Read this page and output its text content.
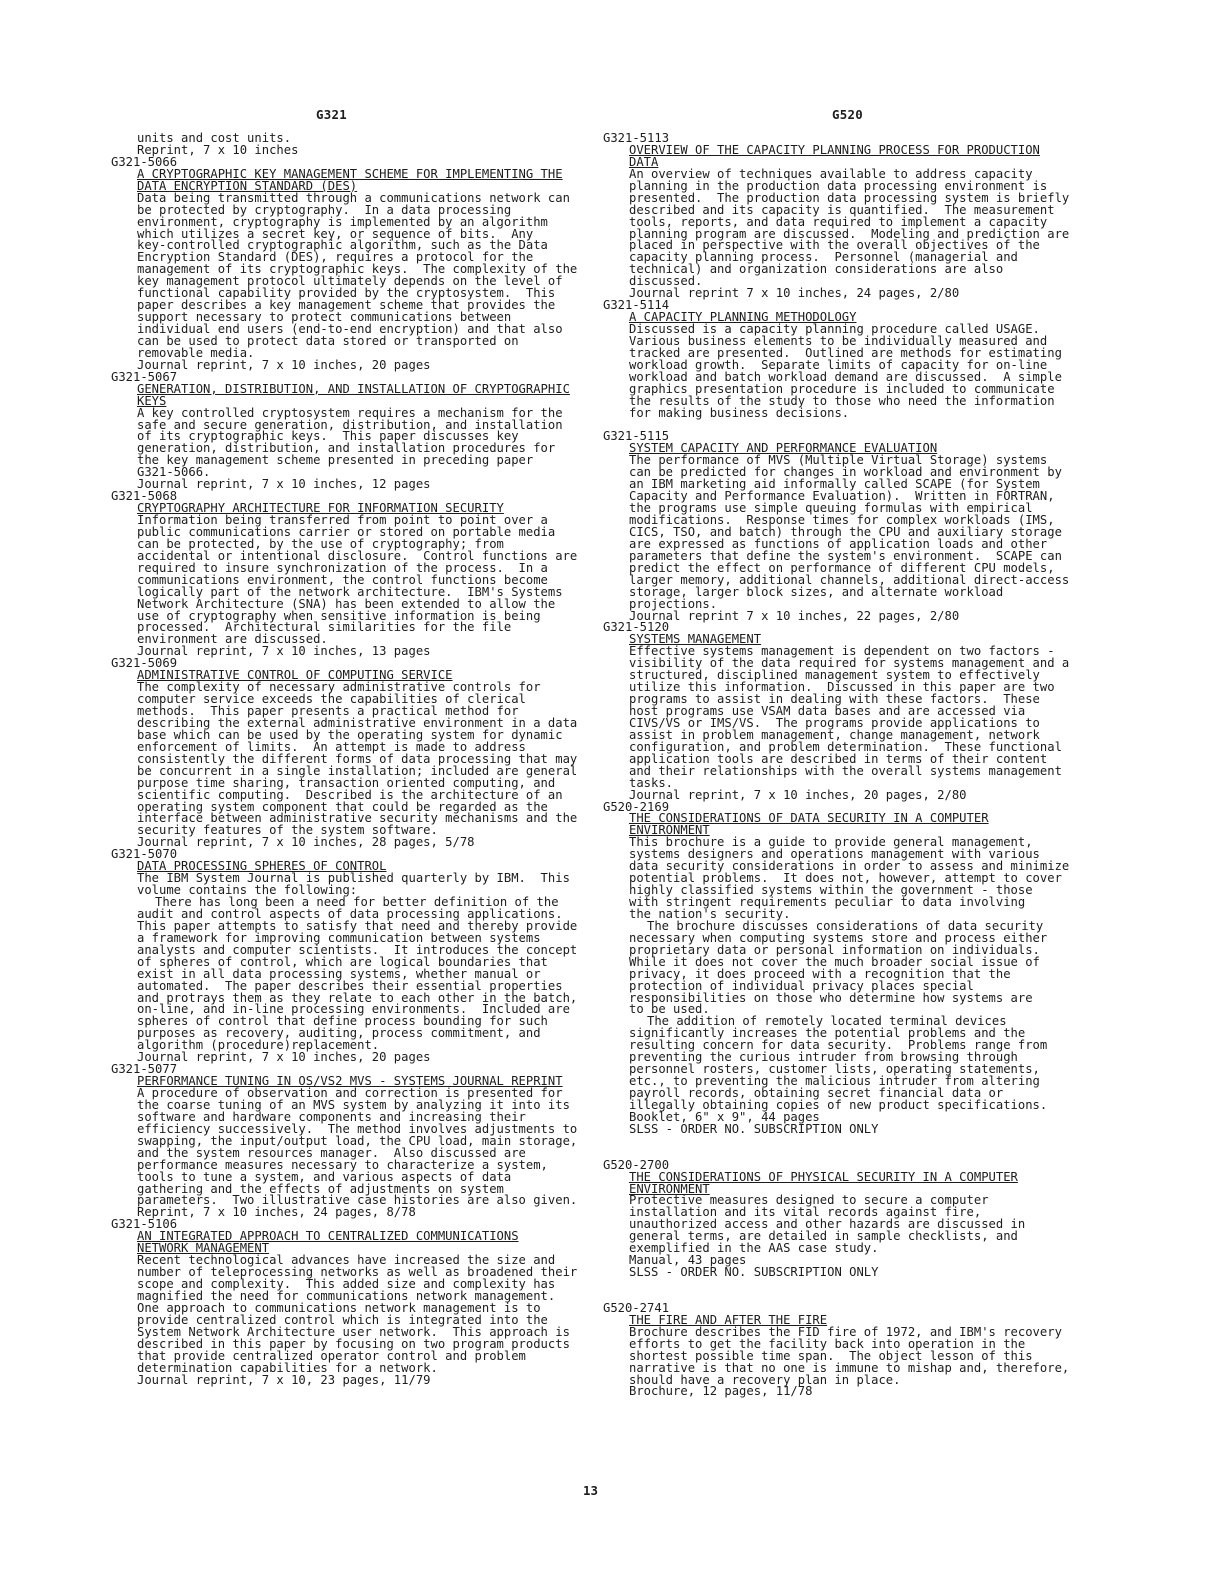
G321	G520
units and cost units.
Reprint, 7 x 10 inches
G321-5066
A CRYPTOGRAPHIC KEY MANAGEMENT SCHEME FOR IMPLEMENTING THE
DATA ENCRYPTION STANDARD (DES)
Data being transmitted through a communications network can
be protected by cryptography.  In a data processing
environment, cryptography is implemented by an algorithm
which utilizes a secret key, or sequence of bits.  Any
key-controlled cryptographic algorithm, such as the Data
Encryption Standard (DES), requires a protocol for the
management of its cryptographic keys.  The complexity of the
key management protocol ultimately depends on the level of
functional capability provided by the cryptosystem.  This
paper describes a key management scheme that provides the
support necessary to protect communications between
individual end users (end-to-end encryption) and that also
can be used to protect data stored or transported on
removable media.
Journal reprint, 7 x 10 inches, 20 pages
G321-5067
GENERATION, DISTRIBUTION, AND INSTALLATION OF CRYPTOGRAPHIC
KEYS
A key controlled cryptosystem requires a mechanism for the
safe and secure generation, distribution, and installation
of its cryptographic keys.  This paper discusses key
generation, distribution, and installation procedures for
the key management scheme presented in preceding paper
G321-5066.
Journal reprint, 7 x 10 inches, 12 pages
G321-5068
CRYPTOGRAPHY ARCHITECTURE FOR INFORMATION SECURITY
Information being transferred from point to point over a
public communications carrier or stored on portable media
can be protected, by the use of cryptography; from
accidental or intentional disclosure.  Control functions are
required to insure synchronization of the process.  In a
communications environment, the control functions become
logically part of the network architecture.  IBM's Systems
Network Architecture (SNA) has been extended to allow the
use of cryptography when sensitive information is being
processed.  Architectural similarities for the file
environment are discussed.
Journal reprint, 7 x 10 inches, 13 pages
G321-5069
ADMINISTRATIVE CONTROL OF COMPUTING SERVICE
The complexity of necessary administrative controls for
computer service exceeds the capabilities of clerical
methods.  This paper presents a practical method for
describing the external administrative environment in a data
base which can be used by the operating system for dynamic
enforcement of limits.  An attempt is made to address
consistently the different forms of data processing that may
be concurrent in a single installation; included are general
purpose time sharing, transaction oriented computing, and
scientific computing.  Described is the architecture of an
operating system component that could be regarded as the
interface between administrative security mechanisms and the
security features of the system software.
Journal reprint, 7 x 10 inches, 28 pages, 5/78
G321-5070
DATA PROCESSING SPHERES OF CONTROL
The IBM System Journal is published quarterly by IBM.  This
volume contains the following:
There has long been a need for better definition of the
audit and control aspects of data processing applications.
This paper attempts to satisfy that need and thereby provide
a framework for improving communication between systems
analysts and computer scientists.  It introduces the concept
of spheres of control, which are logical boundaries that
exist in all data processing systems, whether manual or
automated.  The paper describes their essential properties
and protrays them as they relate to each other in the batch,
on-line, and in-line processing environments.  Included are
spheres of control that define process bounding for such
purposes as recovery, auditing, process commitment, and
algorithm (procedure)replacement.
Journal reprint, 7 x 10 inches, 20 pages
G321-5077
PERFORMANCE TUNING IN OS/VS2 MVS - SYSTEMS JOURNAL REPRINT
A procedure of observation and correction is presented for
the coarse tuning of an MVS system by analyzing it into its
software and hardware components and increasing their
efficiency successively.  The method involves adjustments to
swapping, the input/output load, the CPU load, main storage,
and the system resources manager.  Also discussed are
performance measures necessary to characterize a system,
tools to tune a system, and various aspects of data
gathering and the effects of adjustments on system
parameters.  Two illustrative case histories are also given.
Reprint, 7 x 10 inches, 24 pages, 8/78
G321-5106
AN INTEGRATED APPROACH TO CENTRALIZED COMMUNICATIONS
NETWORK MANAGEMENT
Recent technological advances have increased the size and
number of teleprocessing networks as well as broadened their
scope and complexity.  This added size and complexity has
magnified the need for communications network management.
One approach to communications network management is to
provide centralized control which is integrated into the
System Network Architecture user network.  This approach is
described in this paper by focusing on two program products
that provide centralized operator control and problem
determination capabilities for a network.
Journal reprint, 7 x 10, 23 pages, 11/79
G321-5113
OVERVIEW OF THE CAPACITY PLANNING PROCESS FOR PRODUCTION
DATA
An overview of techniques available to address capacity
planning in the production data processing environment is
presented.  The production data processing system is briefly
described and its capacity is quantified.  The measurement
tools, reports, and data required to implement a capacity
planning program are discussed.  Modeling and prediction are
placed in perspective with the overall objectives of the
capacity planning process.  Personnel (managerial and
technical) and organization considerations are also
discussed.
Journal reprint 7 x 10 inches, 24 pages, 2/80
G321-5114
A CAPACITY PLANNING METHODOLOGY
Discussed is a capacity planning procedure called USAGE.
Various business elements to be individually measured and
tracked are presented.  Outlined are methods for estimating
workload growth.  Separate limits of capacity for on-line
workload and batch workload demand are discussed.  A simple
graphics presentation procedure is included to communicate
the results of the study to those who need the information
for making business decisions.
G321-5115
SYSTEM CAPACITY AND PERFORMANCE EVALUATION
The performance of MVS (Multiple Virtual Storage) systems
can be predicted for changes in workload and environment by
an IBM marketing aid informally called SCAPE (for System
Capacity and Performance Evaluation).  Written in FORTRAN,
the programs use simple queuing formulas with empirical
modifications.  Response times for complex workloads (IMS,
CICS, TSO, and batch) through the CPU and auxiliary storage
are expressed as functions of application loads and other
parameters that define the system's environment.  SCAPE can
predict the effect on performance of different CPU models,
larger memory, additional channels, additional direct-access
storage, larger block sizes, and alternate workload
projections.
Journal reprint 7 x 10 inches, 22 pages, 2/80
G321-5120
SYSTEMS MANAGEMENT
Effective systems management is dependent on two factors -
visibility of the data required for systems management and a
structured, disciplined management system to effectively
utilize this information.  Discussed in this paper are two
programs to assist in dealing with these factors.  These
host programs use VSAM data bases and are accessed via
CIVS/VS or IMS/VS.  The programs provide applications to
assist in problem management, change management, network
configuration, and problem determination.  These functional
application tools are described in terms of their content
and their relationships with the overall systems management
tasks.
Journal reprint, 7 x 10 inches, 20 pages, 2/80
G520-2169
THE CONSIDERATIONS OF DATA SECURITY IN A COMPUTER
ENVIRONMENT
This brochure is a guide to provide general management,
systems designers and operations management with various
data security considerations in order to assess and minimize
potential problems.  It does not, however, attempt to cover
highly classified systems within the government - those
with stringent requirements peculiar to data involving
the nation's security.
The brochure discusses considerations of data security
necessary when computing systems store and process either
proprietary data or personal information on individuals.
While it does not cover the much broader social issue of
privacy, it does proceed with a recognition that the
protection of individual privacy places special
responsibilities on those who determine how systems are
to be used.
The addition of remotely located terminal devices
significantly increases the potential problems and the
resulting concern for data security.  Problems range from
preventing the curious intruder from browsing through
personnel rosters, customer lists, operating statements,
etc., to preventing the malicious intruder from altering
payroll records, obtaining secret financial data or
illegally obtaining copies of new product specifications.
Booklet, 6" x 9", 44 pages
SLSS - ORDER NO. SUBSCRIPTION ONLY
G520-2700
THE CONSIDERATIONS OF PHYSICAL SECURITY IN A COMPUTER
ENVIRONMENT
Protective measures designed to secure a computer
installation and its vital records against fire,
unauthorized access and other hazards are discussed in
general terms, are detailed in sample checklists, and
exemplified in the AAS case study.
Manual, 43 pages
SLSS - ORDER NO. SUBSCRIPTION ONLY
G520-2741
THE FIRE AND AFTER THE FIRE
Brochure describes the FID fire of 1972, and IBM's recovery
efforts to get the facility back into operation in the
shortest possible time span.  The object lesson of this
narrative is that no one is immune to mishap and, therefore,
should have a recovery plan in place.
Brochure, 12 pages, 11/78
13
